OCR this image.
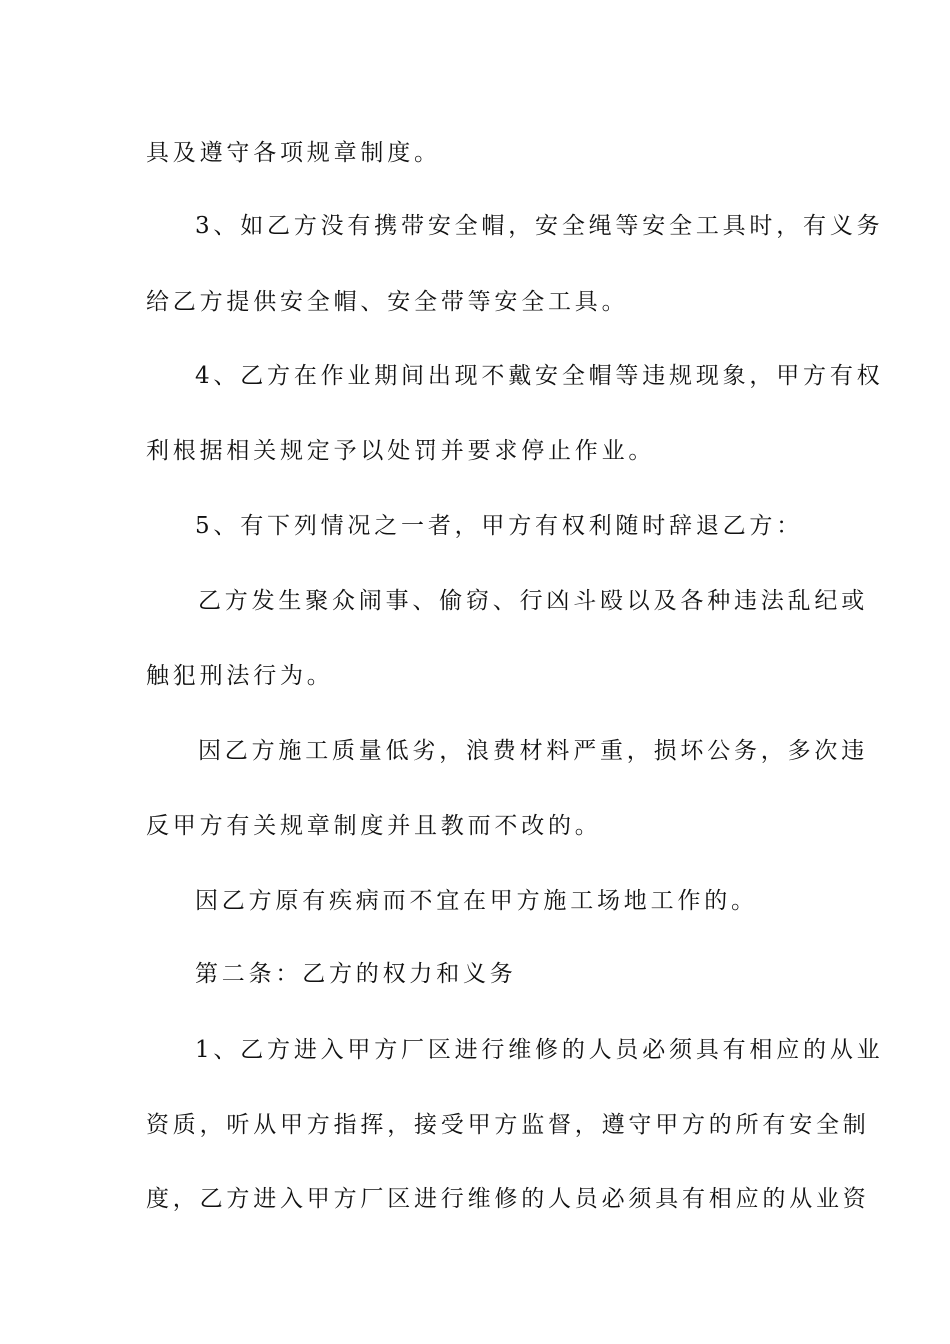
具及遵守各项规章制度。
3、如乙方没有携带安全帽，安全绳等安全工具时，有义务
给乙方提供安全帽、安全带等安全工具。
4、乙方在作业期间出现不戴安全帽等违规现象，甲方有权
利根据相关规定予以处罚并要求停止作业。
5、有下列情况之一者，甲方有权利随时辞退乙方：
乙方发生聚众闹事、偷窃、行凶斗殴以及各种违法乱纪或
触犯刑法行为。
因乙方施工质量低劣，浪费材料严重，损坏公务，多次违
反甲方有关规章制度并且教而不改的。
因乙方原有疾病而不宜在甲方施工场地工作的。
第二条：乙方的权力和义务
1、乙方进入甲方厂区进行维修的人员必须具有相应的从业
资质，听从甲方指挥，接受甲方监督，遵守甲方的所有安全制
度，乙方进入甲方厂区进行维修的人员必须具有相应的从业资
